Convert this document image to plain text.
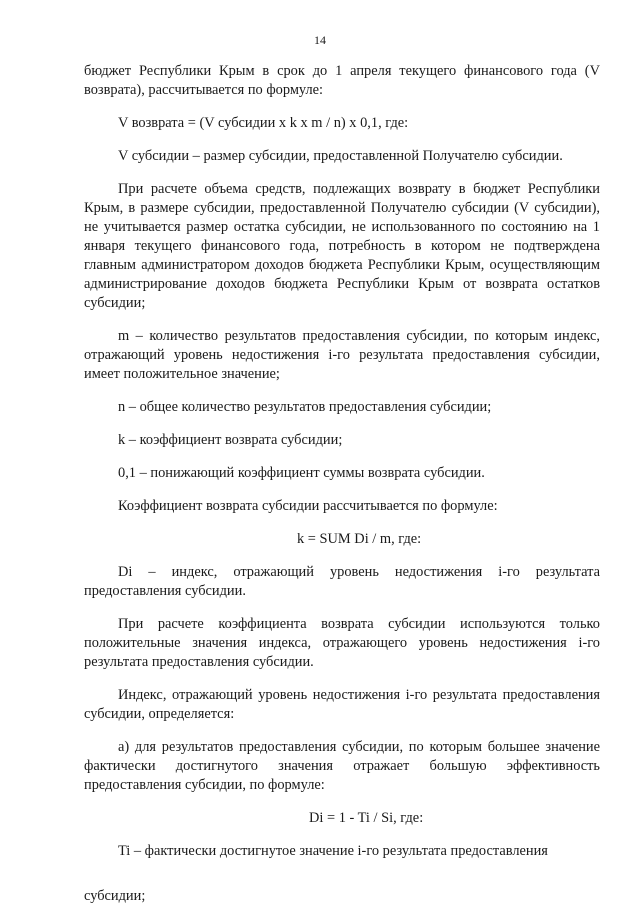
14

бюджет Республики Крым в срок до 1 апреля текущего финансового года (V возврата), рассчитывается по формуле:

V возврата = (V субсидии x k x m / n) x 0,1, где:

V субсидии – размер субсидии, предоставленной Получателю субсидии.

При расчете объема средств, подлежащих возврату в бюджет Республики Крым, в размере субсидии, предоставленной Получателю субсидии (V субсидии), не учитывается размер остатка субсидии, не использованного по состоянию на 1 января текущего финансового года, потребность в котором не подтверждена главным администратором доходов бюджета Республики Крым, осуществляющим администрирование доходов бюджета Республики Крым от возврата остатков субсидии;

m – количество результатов предоставления субсидии, по которым индекс, отражающий уровень недостижения i-го результата предоставления субсидии, имеет положительное значение;

n – общее количество результатов предоставления субсидии;

k – коэффициент возврата субсидии;

0,1 – понижающий коэффициент суммы возврата субсидии.

Коэффициент возврата субсидии рассчитывается по формуле:

k = SUM Di / m, где:

Di – индекс, отражающий уровень недостижения i-го результата предоставления субсидии.

При расчете коэффициента возврата субсидии используются только положительные значения индекса, отражающего уровень недостижения i-го результата предоставления субсидии.

Индекс, отражающий уровень недостижения i-го результата предоставления субсидии, определяется:

а) для результатов предоставления субсидии, по которым большее значение фактически достигнутого значения отражает большую эффективность предоставления субсидии, по формуле:

Di = 1 - Ti / Si, где:

Ti – фактически достигнутое значение i-го результата предоставления

субсидии;
